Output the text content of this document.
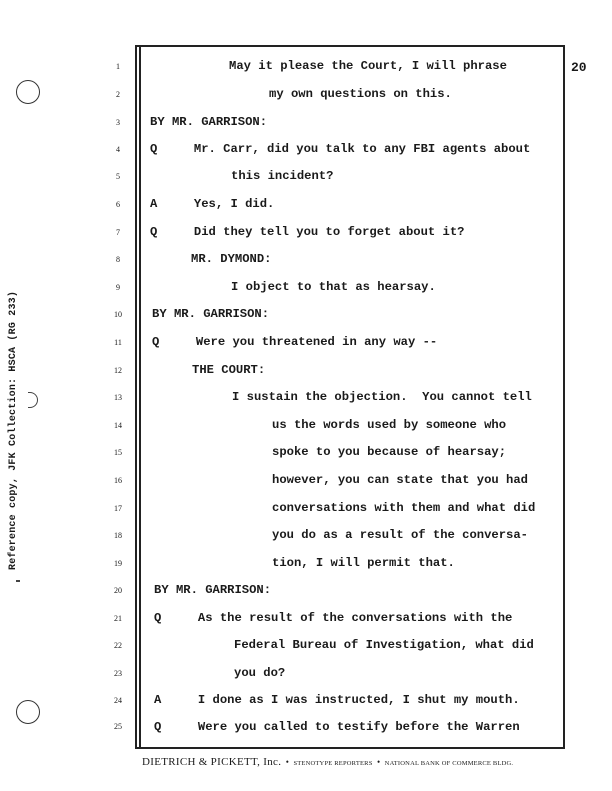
Reference copy, JFK Collection: HSCA (RG 233)
20
1
2
3
4
5
6
7
8
9
10
11
12
13
14
15
16
17
18
19
20
21
22
23
24
25
May it please the Court, I will phrase
my own questions on this.
BY MR. GARRISON:
Q     Mr. Carr, did you talk to any FBI agents about
this incident?
A     Yes, I did.
Q     Did they tell you to forget about it?
MR. DYMOND:
I object to that as hearsay.
BY MR. GARRISON:
Q     Were you threatened in any way --
THE COURT:
I sustain the objection.  You cannot tell
us the words used by someone who
spoke to you because of hearsay;
however, you can state that you had
conversations with them and what did
you do as a result of the conversa-
tion, I will permit that.
BY MR. GARRISON:
Q     As the result of the conversations with the
Federal Bureau of Investigation, what did
you do?
A     I done as I was instructed, I shut my mouth.
Q     Were you called to testify before the Warren
DIETRICH & PICKETT, Inc. • STENOTYPE REPORTERS • NATIONAL BANK OF COMMERCE BLDG.
